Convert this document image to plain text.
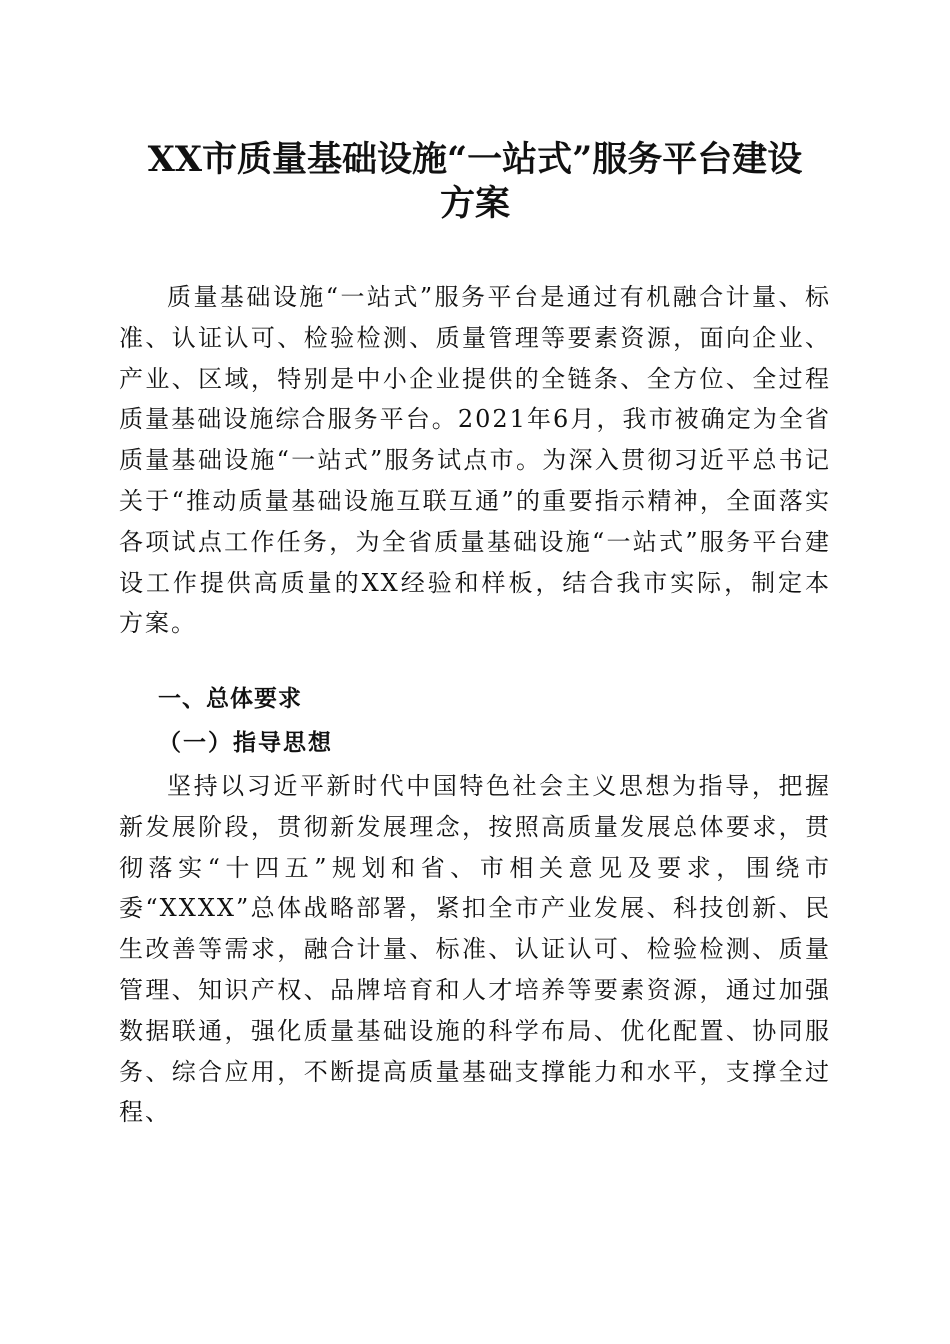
XX市质量基础设施“一站式”服务平台建设
方案

质量基础设施“一站式”服务平台是通过有机融合计量、标准、认证认可、检验检测、质量管理等要素资源，面向企业、产业、区域，特别是中小企业提供的全链条、全方位、全过程质量基础设施综合服务平台。2021年6月，我市被确定为全省质量基础设施“一站式”服务试点市。为深入贯彻习近平总书记关于“推动质量基础设施互联互通”的重要指示精神，全面落实各项试点工作任务，为全省质量基础设施“一站式”服务平台建设工作提供高质量的XX经验和样板，结合我市实际，制定本方案。

一、总体要求
（一）指导思想

坚持以习近平新时代中国特色社会主义思想为指导，把握新发展阶段，贯彻新发展理念，按照高质量发展总体要求，贯彻落实“十四五”规划和省、市相关意见及要求，围绕市委“XXXX”总体战略部署，紧扣全市产业发展、科技创新、民生改善等需求，融合计量、标准、认证认可、检验检测、质量管理、知识产权、品牌培育和人才培养等要素资源，通过加强数据联通，强化质量基础设施的科学布局、优化配置、协同服务、综合应用，不断提高质量基础支撑能力和水平，支撑全过程、
